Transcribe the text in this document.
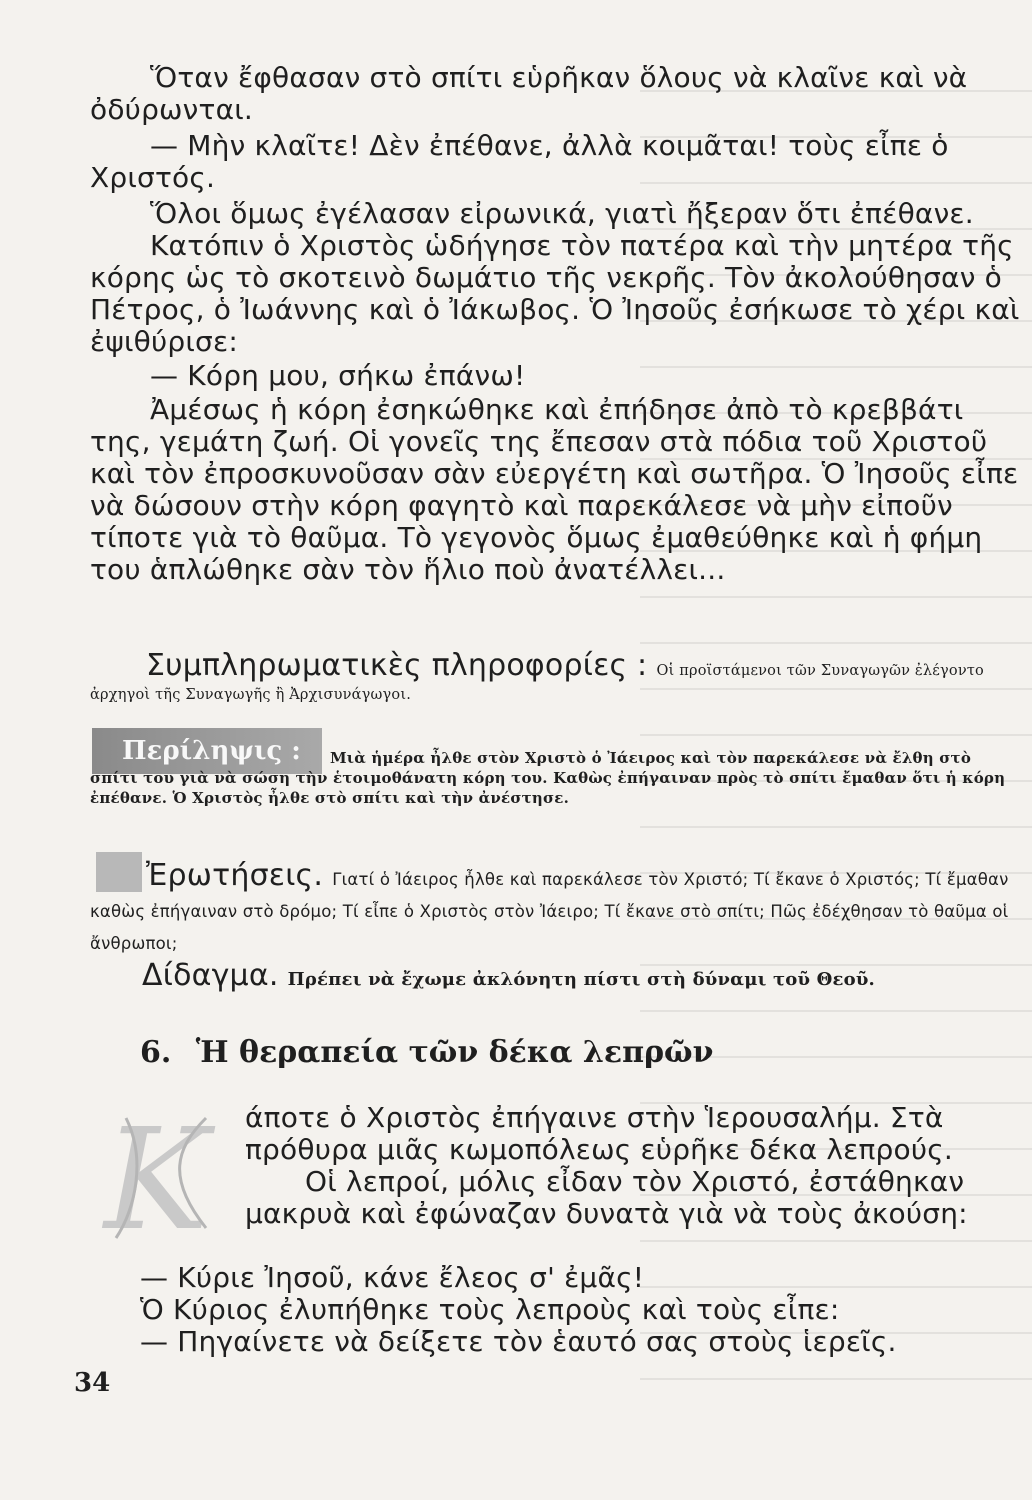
Ὅταν ἔφθασαν στὸ σπίτι εὑρῆκαν ὅλους νὰ κλαῖνε καὶ νὰ ὀδύρωνται.

— Μὴν κλαῖτε! Δὲν ἐπέθανε, ἀλλὰ κοιμᾶται! τοὺς εἶπε ὁ Χριστός.

Ὅλοι ὅμως ἐγέλασαν εἰρωνικά, γιατὶ ἤξεραν ὅτι ἐπέθανε.

Κατόπιν ὁ Χριστὸς ὡδήγησε τὸν πατέρα καὶ τὴν μητέρα τῆς κόρης ὡς τὸ σκοτεινὸ δωμάτιο τῆς νεκρῆς. Τὸν ἀκολούθησαν ὁ Πέτρος, ὁ Ἰωάννης καὶ ὁ Ἰάκωβος. Ὁ Ἰησοῦς ἐσήκωσε τὸ χέρι καὶ ἐψιθύρισε:

— Κόρη μου, σήκω ἐπάνω!

Ἀμέσως ἡ κόρη ἐσηκώθηκε καὶ ἐπήδησε ἀπὸ τὸ κρεββάτι της, γεμάτη ζωή. Οἱ γονεῖς της ἔπεσαν στὰ πόδια τοῦ Χριστοῦ καὶ τὸν ἐπροσκυνοῦσαν σὰν εὐεργέτη καὶ σωτῆρα. Ὁ Ἰησοῦς εἶπε νὰ δώσουν στὴν κόρη φαγητὸ καὶ παρεκάλεσε νὰ μὴν εἰποῦν τίποτε γιὰ τὸ θαῦμα. Τὸ γεγονὸς ὅμως ἐμαθεύθηκε καὶ ἡ φήμη του ἁπλώθηκε σὰν τὸν ἥλιο ποὺ ἀνατέλλει...

Συμπληρωματικὲς πληροφορίες : Οἱ προϊστάμενοι τῶν Συναγωγῶν ἐλέγοντο ἀρχηγοὶ τῆς Συναγωγῆς ἢ Ἀρχισυνάγωγοι.
Περίληψις :	Μιὰ ἡμέρα ἦλθε στὸν Χριστὸ ὁ Ἰάειρος καὶ τὸν παρεκάλεσε νὰ ἔλθη στὸ σπίτι του γιὰ νὰ σώση τὴν ἑτοιμοθάνατη κόρη του. Καθὼς ἐπήγαιναν πρὸς τὸ σπίτι ἔμαθαν ὅτι ἡ κόρη ἐπέθανε. Ὁ Χριστὸς ἦλθε στὸ σπίτι καὶ τὴν ἀνέστησε.
Ἐρωτήσεις. Γιατί ὁ Ἰάειρος ἦλθε καὶ παρεκάλεσε τὸν Χριστό; Τί ἔκανε ὁ Χριστός; Τί ἔμαθαν καθὼς ἐπήγαιναν στὸ δρόμο; Τί εἶπε ὁ Χριστὸς στὸν Ἰάειρο; Τί ἔκανε στὸ σπίτι; Πῶς ἐδέχθησαν τὸ θαῦμα οἱ ἄνθρωποι;
Δίδαγμα. Πρέπει νὰ ἔχωμε ἀκλόνητη πίστι στὴ δύναμι τοῦ Θεοῦ.
6. Ἡ θεραπεία τῶν δέκα λεπρῶν
Κ άποτε ὁ Χριστὸς ἐπήγαινε στὴν Ἱερουσαλήμ. Στὰ πρόθυρα μιᾶς κωμοπόλεως εὑρῆκε δέκα λεπρούς.

Οἱ λεπροί, μόλις εἶδαν τὸν Χριστό, ἐστάθηκαν μακρυὰ καὶ ἐφώναζαν δυνατὰ γιὰ νὰ τοὺς ἀκούση:

— Κύριε Ἰησοῦ, κάνε ἔλεος σ' ἐμᾶς!

Ὁ Κύριος ἐλυπήθηκε τοὺς λεπροὺς καὶ τοὺς εἶπε:

— Πηγαίνετε νὰ δείξετε τὸν ἑαυτό σας στοὺς ἱερεῖς.

34
